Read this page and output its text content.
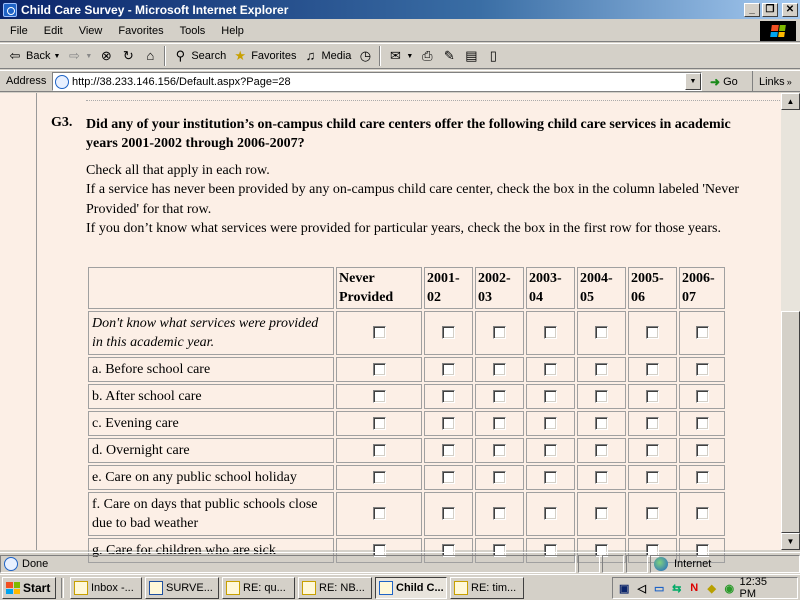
Child Care Survey - Microsoft Internet Explorer	_	❐	✕
File	Edit	View	Favorites	Tools	Help
⇦ Back ▼ ⇨ ▼ ⊗ ↻ ⌂	⚲ Search ★ Favorites ♫ Media ◷ ✉ ▼ ⎙ ✎ ▤ ▯
Address	http://38.233.146.156/Default.aspx?Page=28	▼	➜ Go Links »
G3. Did any of your institution’s on-campus child care centers offer the following child care services in academic years 2001-2002 through 2006-2007?
Check all that apply in each row.
If a service has never been provided by any on-campus child care center, check the box in the column labeled 'Never Provided' for that row.
If you don’t know what services were provided for particular years, check the box in the first row for those years.
	Never Provided	2001-02	2002-03	2003-04	2004-05	2005-06	2006-07
Don't know what services were provided in this academic year.							
a. Before school care							
b. After school care							
c. Evening care							
d. Overnight care							
e. Care on any public school holiday							
f. Care on days that public schools close due to bad weather							
g. Care for children who are sick							
▲
▼
Done	Internet
Start	Inbox -...	SURVE...	RE: qu...	RE: NB...	Child C... RE: tim...	▣ ◁ ▭ ⇆ N ◆ ◉
12:35 PM
